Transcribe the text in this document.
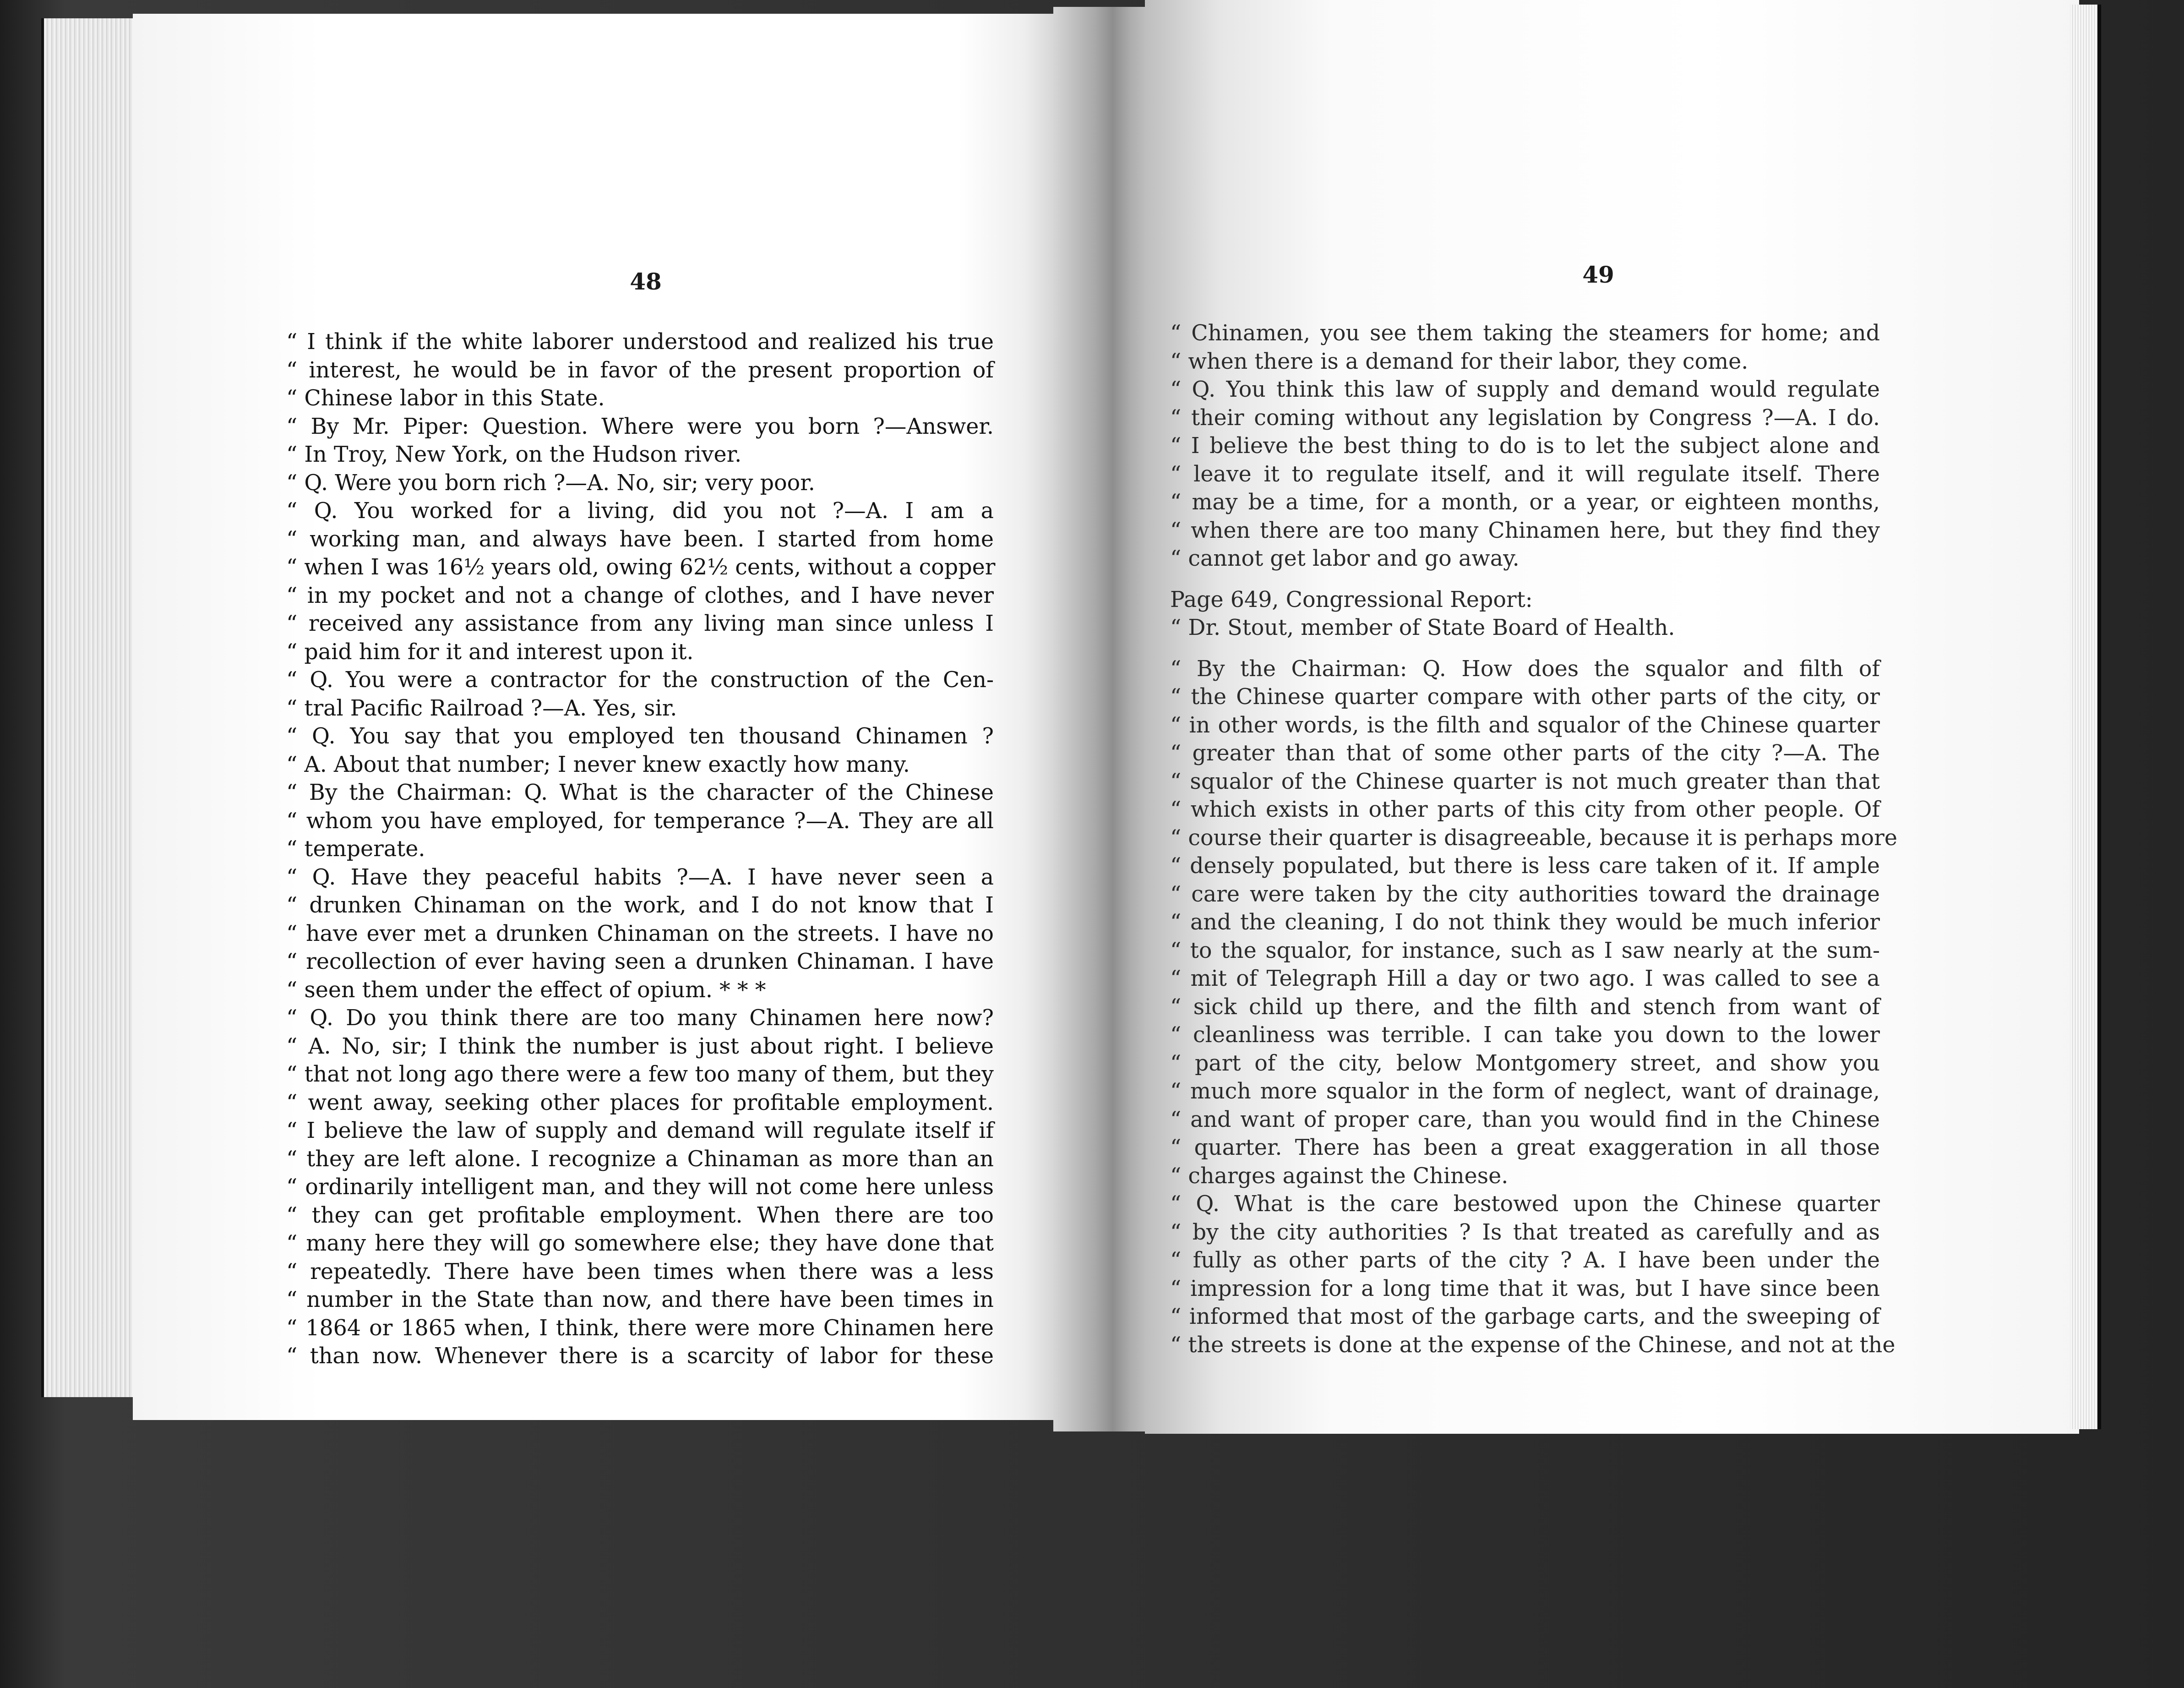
48	49
“ I think if the white laborer understood and realized his true
“ interest, he would be in favor of the present proportion of
“ Chinese labor in this State.
“ By Mr. Piper: Question. Where were you born ?—Answer.
“ In Troy, New York, on the Hudson river.
“ Q. Were you born rich ?—A. No, sir; very poor.
“ Q. You worked for a living, did you not ?—A. I am a
“ working man, and always have been. I started from home
“ when I was 16½ years old, owing 62½ cents, without a copper
“ in my pocket and not a change of clothes, and I have never
“ received any assistance from any living man since unless I
“ paid him for it and interest upon it.
“ Q. You were a contractor for the construction of the Cen-
“ tral Pacific Railroad ?—A. Yes, sir.
“ Q. You say that you employed ten thousand Chinamen ?
“ A. About that number; I never knew exactly how many.
“ By the Chairman: Q. What is the character of the Chinese
“ whom you have employed, for temperance ?—A. They are all
“ temperate.
“ Q. Have they peaceful habits ?—A. I have never seen a
“ drunken Chinaman on the work, and I do not know that I
“ have ever met a drunken Chinaman on the streets. I have no
“ recollection of ever having seen a drunken Chinaman. I have
“ seen them under the effect of opium. * * *
“ Q. Do you think there are too many Chinamen here now?
“ A. No, sir; I think the number is just about right. I believe
“ that not long ago there were a few too many of them, but they
“ went away, seeking other places for profitable employment.
“ I believe the law of supply and demand will regulate itself if
“ they are left alone. I recognize a Chinaman as more than an
“ ordinarily intelligent man, and they will not come here unless
“ they can get profitable employment. When there are too
“ many here they will go somewhere else; they have done that
“ repeatedly. There have been times when there was a less
“ number in the State than now, and there have been times in
“ 1864 or 1865 when, I think, there were more Chinamen here
“ than now. Whenever there is a scarcity of labor for these
“ Chinamen, you see them taking the steamers for home; and
“ when there is a demand for their labor, they come.
“ Q. You think this law of supply and demand would regulate
“ their coming without any legislation by Congress ?—A. I do.
“ I believe the best thing to do is to let the subject alone and
“ leave it to regulate itself, and it will regulate itself. There
“ may be a time, for a month, or a year, or eighteen months,
“ when there are too many Chinamen here, but they find they
“ cannot get labor and go away.
Page 649, Congressional Report:
“ Dr. Stout, member of State Board of Health.
“ By the Chairman: Q. How does the squalor and filth of
“ the Chinese quarter compare with other parts of the city, or
“ in other words, is the filth and squalor of the Chinese quarter
“ greater than that of some other parts of the city ?—A. The
“ squalor of the Chinese quarter is not much greater than that
“ which exists in other parts of this city from other people. Of
“ course their quarter is disagreeable, because it is perhaps more
“ densely populated, but there is less care taken of it. If ample
“ care were taken by the city authorities toward the drainage
“ and the cleaning, I do not think they would be much inferior
“ to the squalor, for instance, such as I saw nearly at the sum-
“ mit of Telegraph Hill a day or two ago. I was called to see a
“ sick child up there, and the filth and stench from want of
“ cleanliness was terrible. I can take you down to the lower
“ part of the city, below Montgomery street, and show you
“ much more squalor in the form of neglect, want of drainage,
“ and want of proper care, than you would find in the Chinese
“ quarter. There has been a great exaggeration in all those
“ charges against the Chinese.
“ Q. What is the care bestowed upon the Chinese quarter
“ by the city authorities ? Is that treated as carefully and as
“ fully as other parts of the city ? A. I have been under the
“ impression for a long time that it was, but I have since been
“ informed that most of the garbage carts, and the sweeping of
“ the streets is done at the expense of the Chinese, and not at the
